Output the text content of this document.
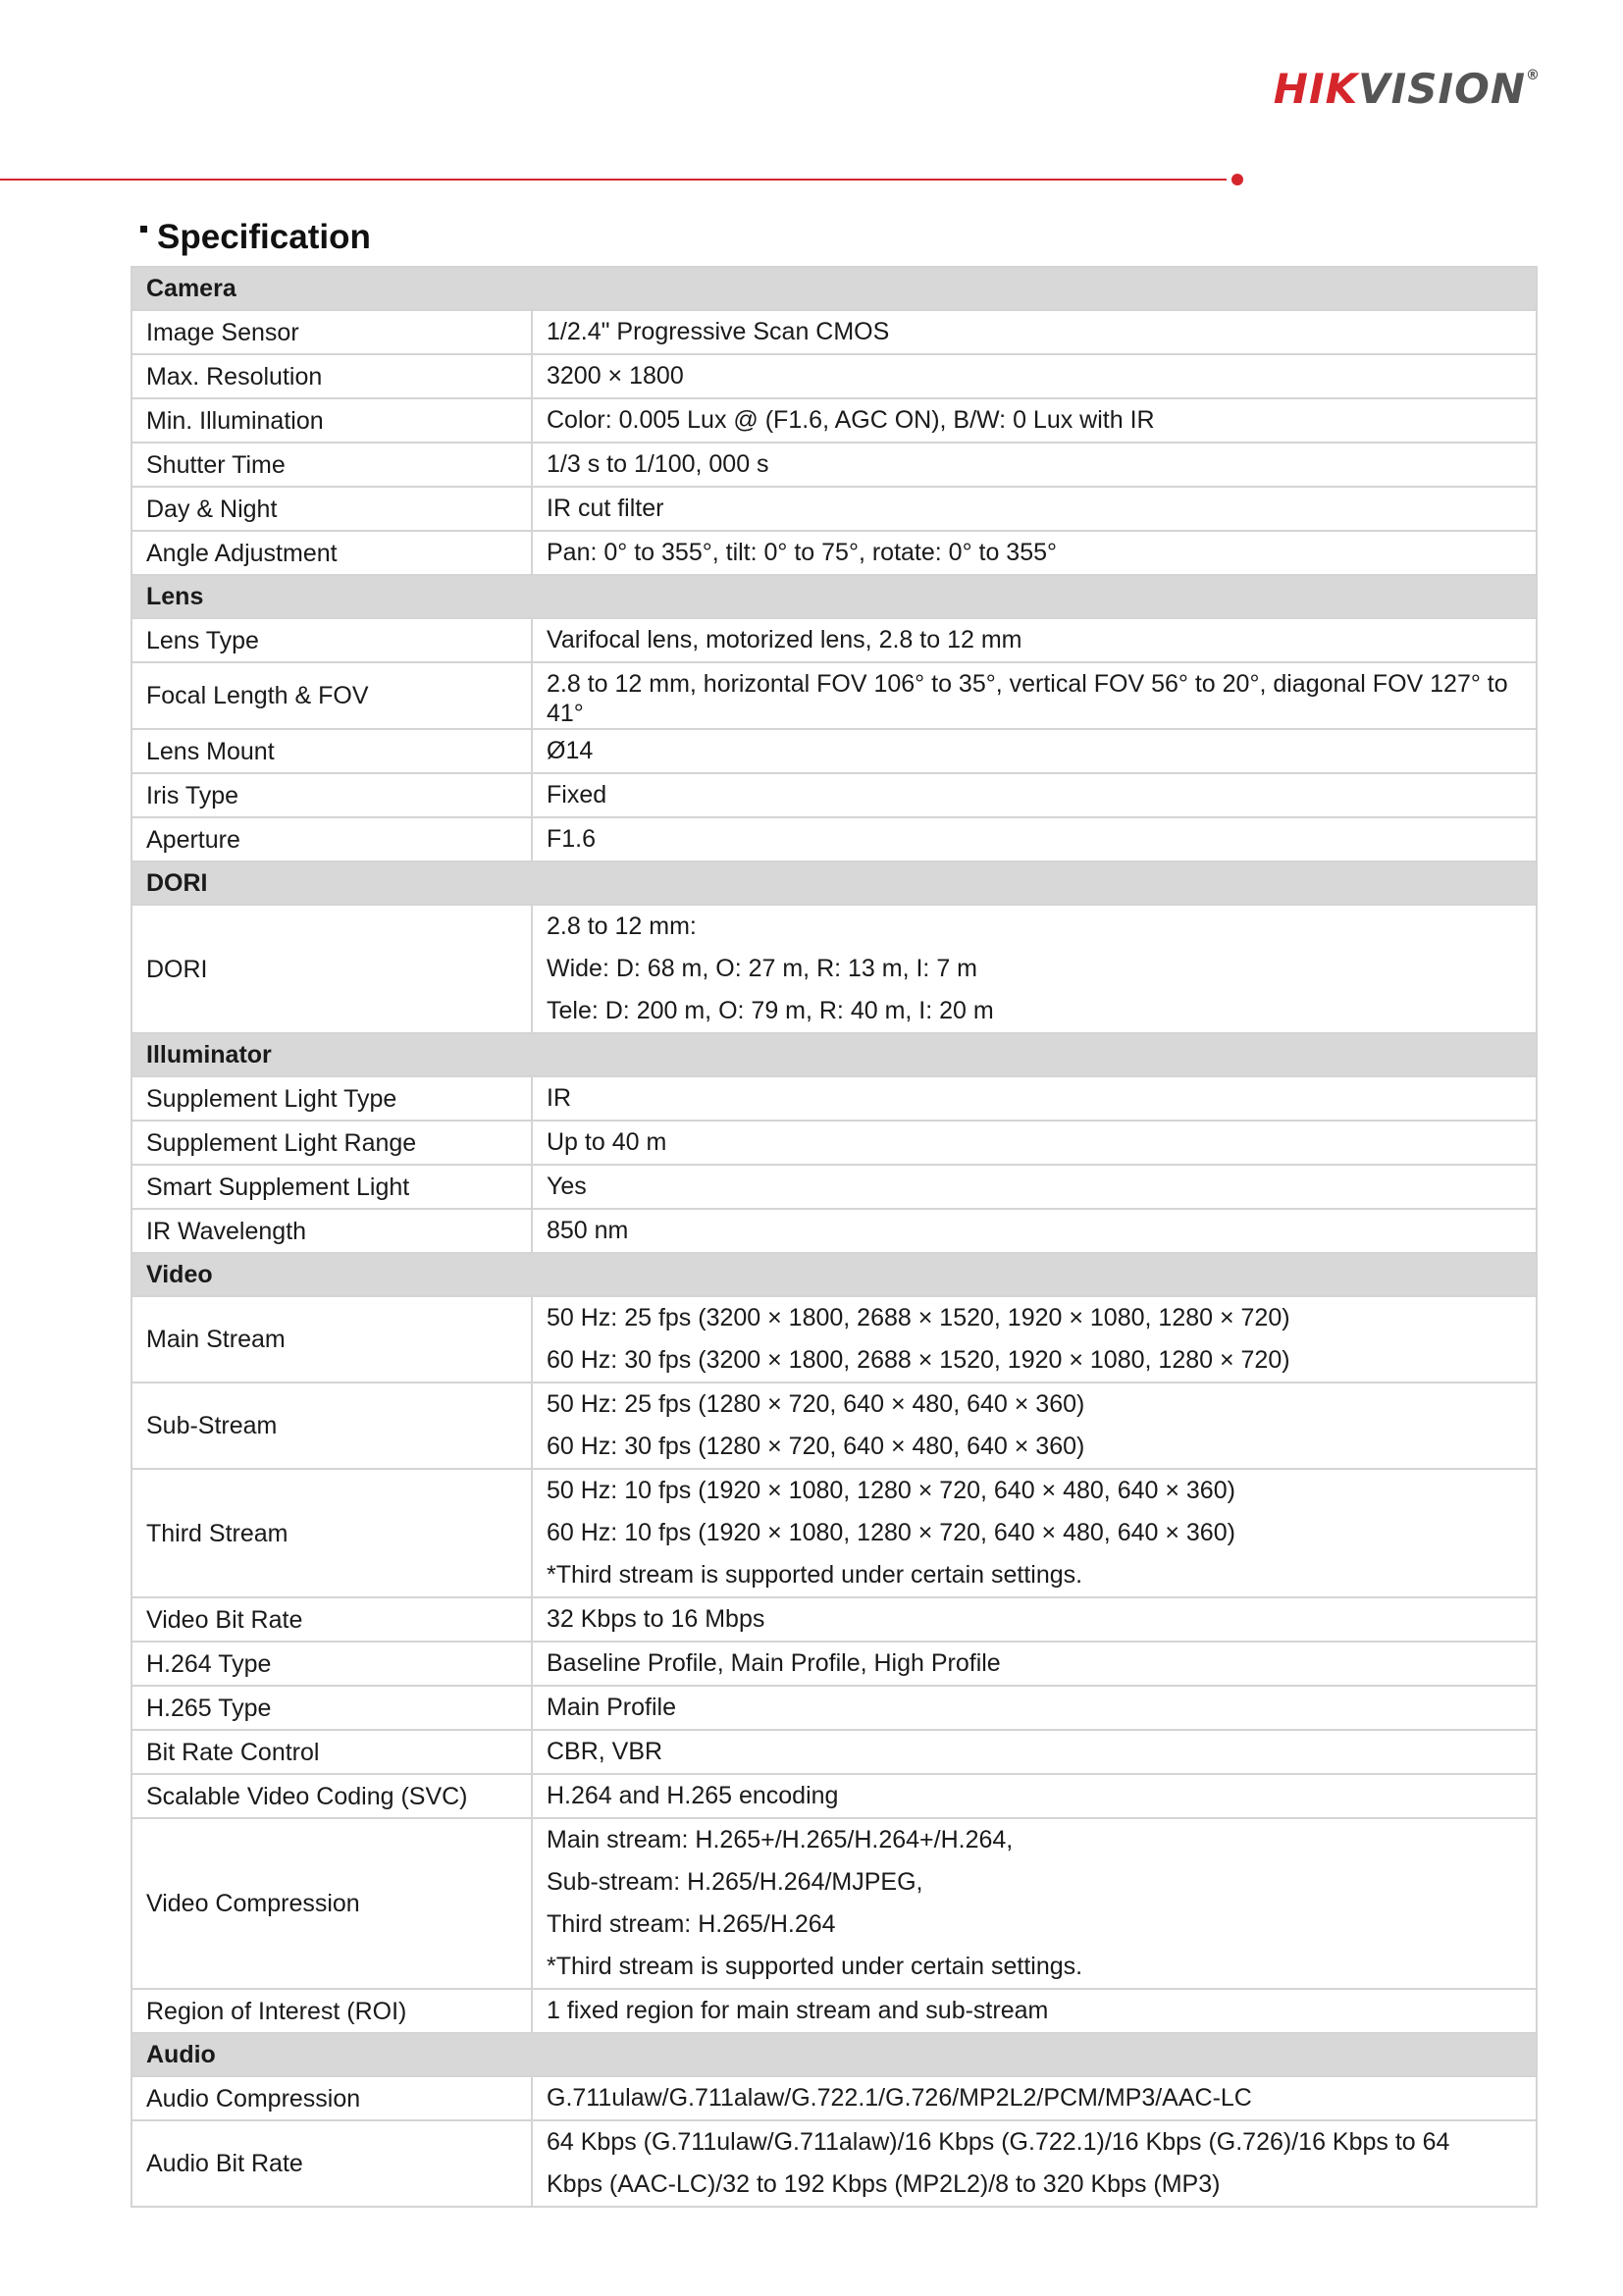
HIKVISION®
Specification
Camera	
Image Sensor	1/2.4" Progressive Scan CMOS

Max. Resolution	3200 × 1800

Min. Illumination	Color: 0.005 Lux @ (F1.6, AGC ON), B/W: 0 Lux with IR

Shutter Time	1/3 s to 1/100, 000 s

Day & Night	IR cut filter

Angle Adjustment	Pan: 0° to 355°, tilt: 0° to 75°, rotate: 0° to 355°

Lens	
Lens Type	Varifocal lens, motorized lens, 2.8 to 12 mm

Focal Length & FOV	2.8 to 12 mm, horizontal FOV 106° to 35°, vertical FOV 56° to 20°, diagonal FOV 127° to 41°

Lens Mount	Ø14

Iris Type	Fixed

Aperture	F1.6

DORI	
DORI	2.8 to 12 mm:
Wide: D: 68 m, O: 27 m, R: 13 m, I: 7 m
Tele: D: 200 m, O: 79 m, R: 40 m, I: 20 m

Illuminator	
Supplement Light Type	IR

Supplement Light Range	Up to 40 m

Smart Supplement Light	Yes

IR Wavelength	850 nm

Video	
Main Stream	50 Hz: 25 fps (3200 × 1800, 2688 × 1520, 1920 × 1080, 1280 × 720)
60 Hz: 30 fps (3200 × 1800, 2688 × 1520, 1920 × 1080, 1280 × 720)

Sub-Stream	50 Hz: 25 fps (1280 × 720, 640 × 480, 640 × 360)
60 Hz: 30 fps (1280 × 720, 640 × 480, 640 × 360)

Third Stream	50 Hz: 10 fps (1920 × 1080, 1280 × 720, 640 × 480, 640 × 360)
60 Hz: 10 fps (1920 × 1080, 1280 × 720, 640 × 480, 640 × 360)
*Third stream is supported under certain settings.

Video Bit Rate	32 Kbps to 16 Mbps

H.264 Type	Baseline Profile, Main Profile, High Profile

H.265 Type	Main Profile

Bit Rate Control	CBR, VBR

Scalable Video Coding (SVC)	H.264 and H.265 encoding

Video Compression	Main stream: H.265+/H.265/H.264+/H.264,
Sub-stream: H.265/H.264/MJPEG,
Third stream: H.265/H.264
*Third stream is supported under certain settings.

Region of Interest (ROI)	1 fixed region for main stream and sub-stream

Audio	
Audio Compression	G.711ulaw/G.711alaw/G.722.1/G.726/MP2L2/PCM/MP3/AAC-LC

Audio Bit Rate	64 Kbps (G.711ulaw/G.711alaw)/16 Kbps (G.722.1)/16 Kbps (G.726)/16 Kbps to 64
Kbps (AAC-LC)/32 to 192 Kbps (MP2L2)/8 to 320 Kbps (MP3)
